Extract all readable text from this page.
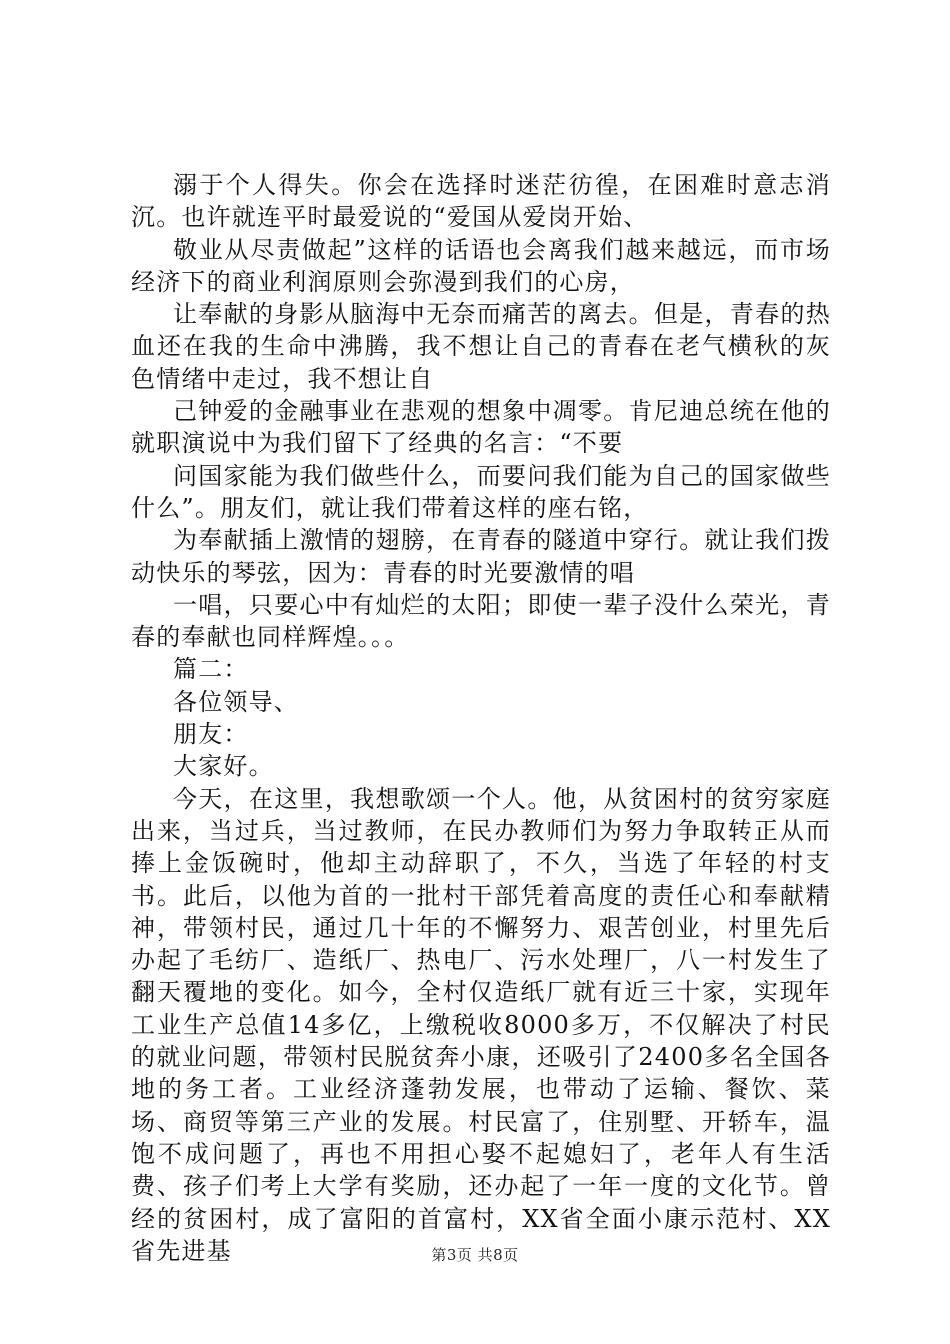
溺于个人得失。你会在选择时迷茫彷徨，在困难时意志消沉。也许就连平时最爱说的“爱国从爱岗开始、

敬业从尽责做起”这样的话语也会离我们越来越远，而市场经济下的商业利润原则会弥漫到我们的心房，

让奉献的身影从脑海中无奈而痛苦的离去。但是，青春的热血还在我的生命中沸腾，我不想让自己的青春在老气横秋的灰色情绪中走过，我不想让自

己钟爱的金融事业在悲观的想象中凋零。肯尼迪总统在他的就职演说中为我们留下了经典的名言：“不要

问国家能为我们做些什么，而要问我们能为自己的国家做些什么”。朋友们，就让我们带着这样的座右铭，

为奉献插上激情的翅膀，在青春的隧道中穿行。就让我们拨动快乐的琴弦，因为：青春的时光要激情的唱

一唱，只要心中有灿烂的太阳；即使一辈子没什么荣光，青春的奉献也同样辉煌。。。

篇二：

各位领导、

朋友：

大家好。

今天，在这里，我想歌颂一个人。他，从贫困村的贫穷家庭出来，当过兵，当过教师，在民办教师们为努力争取转正从而捧上金饭碗时，他却主动辞职了，不久，当选了年轻的村支书。此后，以他为首的一批村干部凭着高度的责任心和奉献精神，带领村民，通过几十年的不懈努力、艰苦创业，村里先后办起了毛纺厂、造纸厂、热电厂、污水处理厂，八一村发生了翻天覆地的变化。如今，全村仅造纸厂就有近三十家，实现年工业生产总值14多亿，上缴税收8000多万，不仅解决了村民的就业问题，带领村民脱贫奔小康，还吸引了2400多名全国各地的务工者。工业经济蓬勃发展，也带动了运输、餐饮、菜场、商贸等第三产业的发展。村民富了，住别墅、开轿车，温饱不成问题了，再也不用担心娶不起媳妇了，老年人有生活费、孩子们考上大学有奖励，还办起了一年一度的文化节。曾经的贫困村，成了富阳的首富村，XX省全面小康示范村、XX省先进基	第3页 共8页
